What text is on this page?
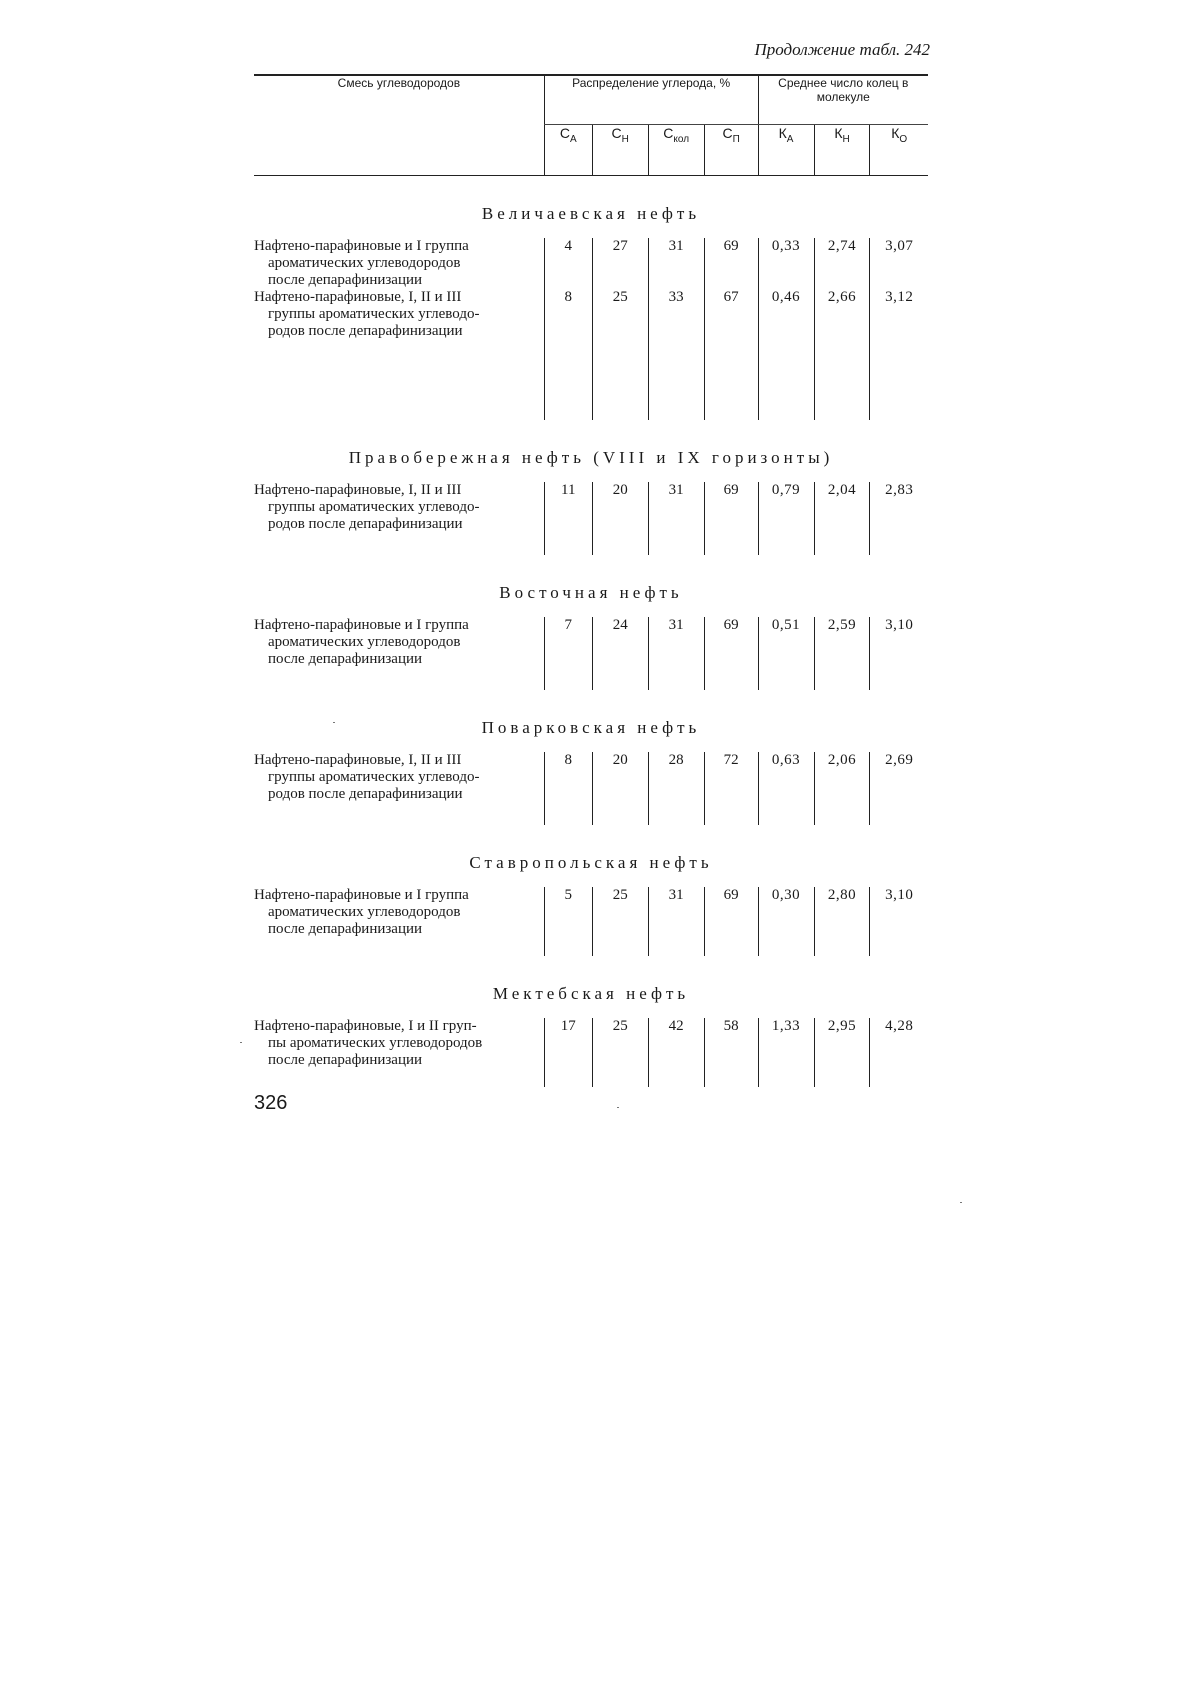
Продолжение табл. 242

Смесь углеводородов	Распределение углерода, %				Среднее число колец в молекуле		
	$C_А$	$C_Н$	$C_{кол}$	$C_П$	$К_А$	$К_Н$	$К_О$
Величаевская нефть							

Нафтено-парафиновые и I группа
ароматических углеводородов
после депарафинизации	4	27	31	69	0,33	2,74	3,07

Нафтено-парафиновые, I, II и III
группы ароматических углеводо-
родов после депарафинизации	8	25	33	67	0,46	2,66	3,12
Правобережная нефть (VIII и IX горизонты)							

Нафтено-парафиновые, I, II и III
группы ароматических углеводо-
родов после депарафинизации	11	20	31	69	0,79	2,04	2,83
Восточная нефть							

Нафтено-парафиновые и I группа
ароматических углеводородов
после депарафинизации	7	24	31	69	0,51	2,59	3,10
Поварковская нефть							

Нафтено-парафиновые, I, II и III
группы ароматических углеводо-
родов после депарафинизации	8	20	28	72	0,63	2,06	2,69
Ставропольская нефть							

Нафтено-парафиновые и I группа
ароматических углеводородов
после депарафинизации	5	25	31	69	0,30	2,80	3,10
Мектебская нефть							

Нафтено-парафиновые, I и II груп-
пы ароматических углеводородов
после депарафинизации	17	25	42	58	1,33	2,95	4,28
326
